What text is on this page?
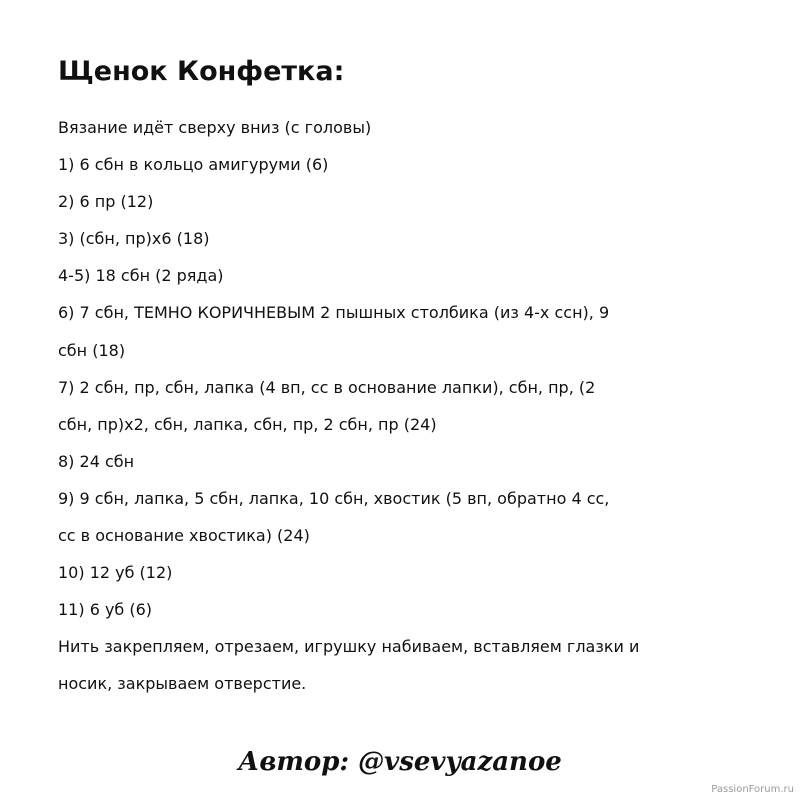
Щенок Конфетка:
Вязание идёт сверху вниз (с головы)
1) 6 сбн в кольцо амигуруми (6)
2) 6 пр (12)
3) (сбн, пр)х6 (18)
4-5) 18 сбн (2 ряда)
6) 7 сбн, ТЕМНО КОРИЧНЕВЫМ 2 пышных столбика (из 4-х ссн), 9
сбн (18)
7) 2 сбн, пр, сбн, лапка (4 вп, сс в основание лапки), сбн, пр, (2
сбн, пр)х2, сбн, лапка, сбн, пр, 2 сбн, пр (24)
8) 24 сбн
9) 9 сбн, лапка, 5 сбн, лапка, 10 сбн, хвостик (5 вп, обратно 4 сс,
сс в основание хвостика) (24)
10) 12 уб (12)
11) 6 уб (6)
Нить закрепляем, отрезаем, игрушку набиваем, вставляем глазки и
носик, закрываем отверстие.
Автор: @vsevyazanoe
PassionForum.ru
